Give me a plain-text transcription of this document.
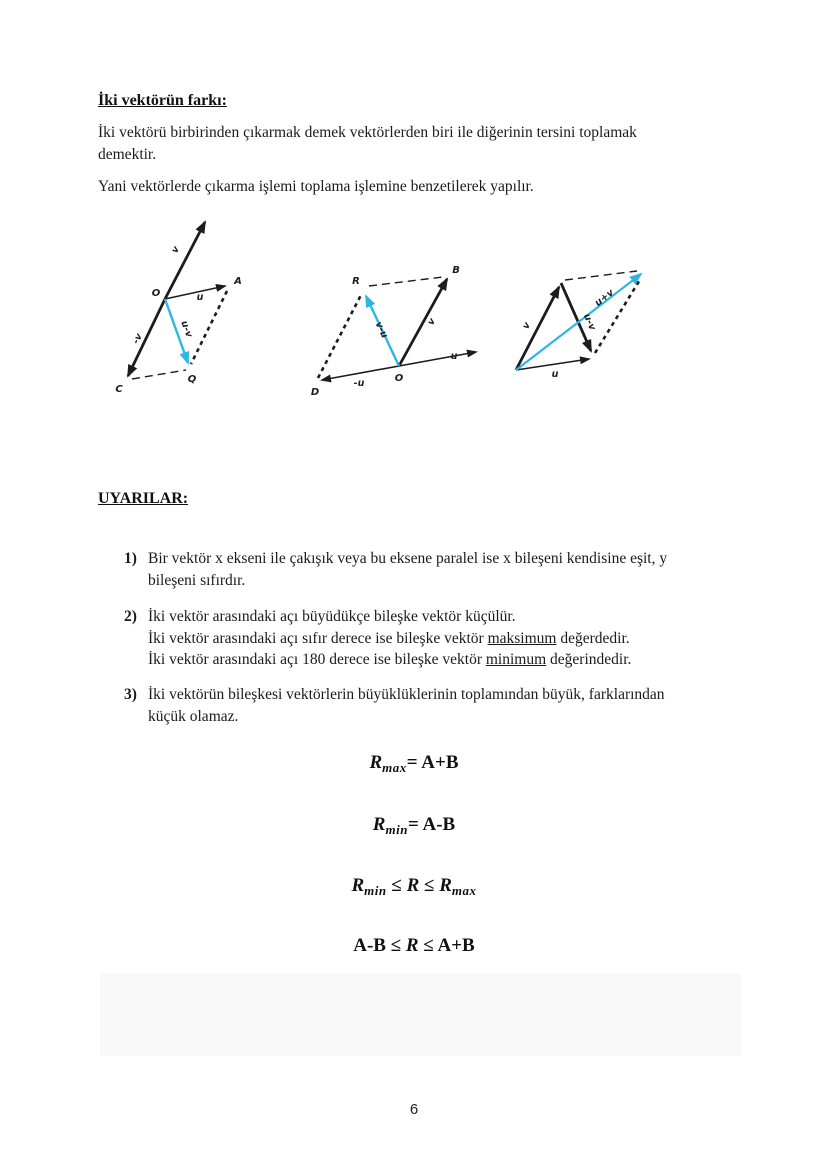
İki vektörün farkı:
İki vektörü birbirinden çıkarmak demek vektörlerden biri ile diğerinin tersini toplamak
demektir.
Yani vektörlerde çıkarma işlemi toplama işlemine benzetilerek yapılır.
v
-v
u
u-v
O
A
Q
C
R
B
v
v-u
u
-u	O
D
v
u
u-v
u+v
UYARILAR:
1) Bir vektör x ekseni ile çakışık veya bu eksene paralel ise x bileşeni kendisine eşit, y
bileşeni sıfırdır.
2) İki vektör arasındaki açı büyüdükçe bileşke vektör küçülür.
İki vektör arasındaki açı sıfır derece ise bileşke vektör maksimum değerdedir.
İki vektör arasındaki açı 180 derece ise bileşke vektör minimum değerindedir.
3) İki vektörün bileşkesi vektörlerin büyüklüklerinin toplamından büyük, farklarından
küçük olamaz.
$R_{max}= A+B$
$R_{min}= A-B$
$R_{min} \le R \le R_{max}$
A-B ≤ R ≤ A+B
6
